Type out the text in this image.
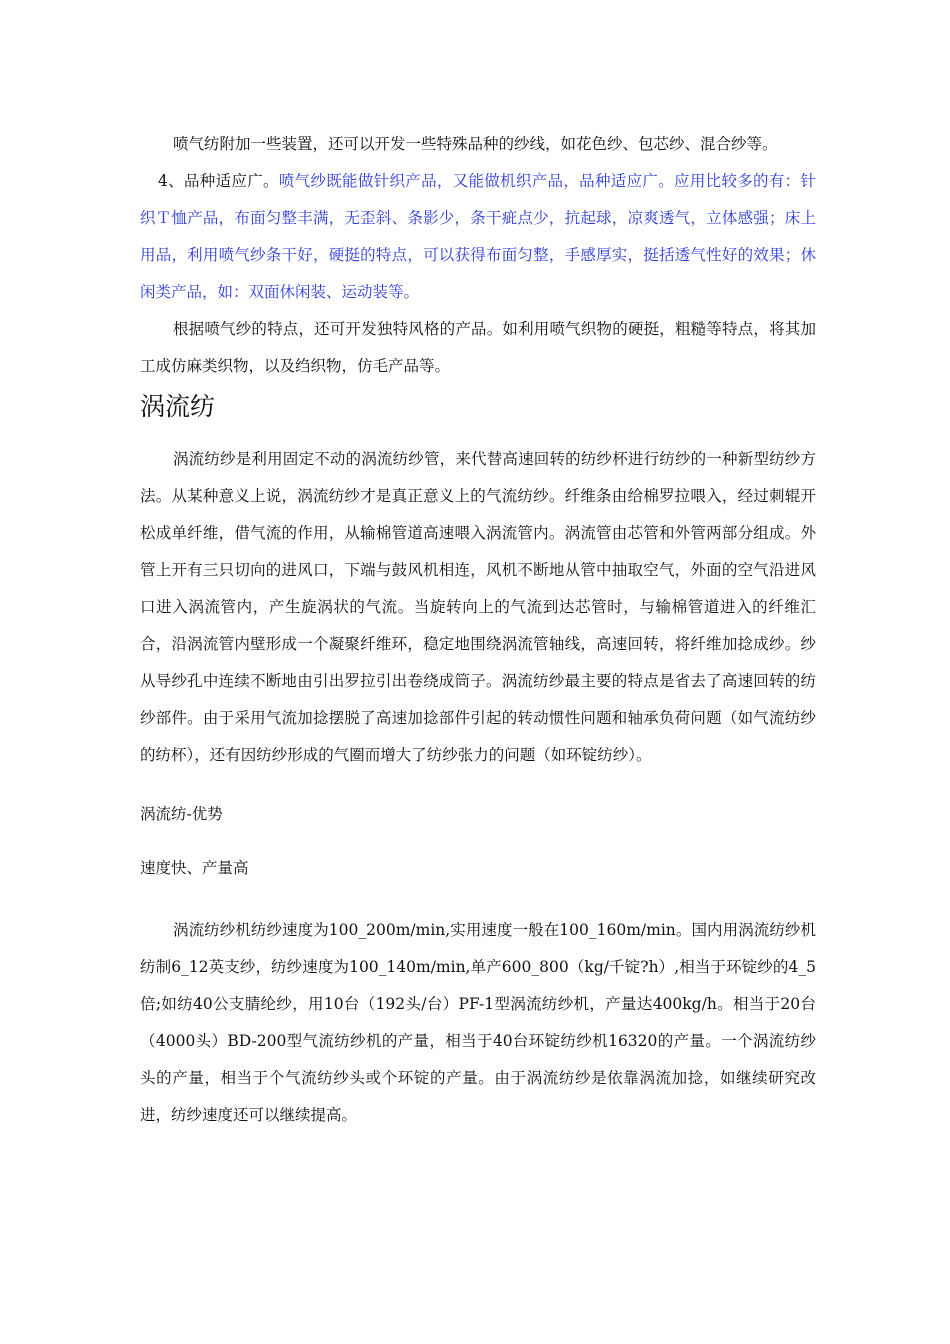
喷气纺附加一些装置，还可以开发一些特殊品种的纱线，如花色纱、包芯纱、混合纱等。

4、品种适应广。喷气纱既能做针织产品，又能做机织产品，品种适应广。应用比较多的有：针织Ｔ恤产品，布面匀整丰满，无歪斜、条影少，条干疵点少，抗起球，凉爽透气，立体感强；床上用品，利用喷气纱条干好，硬挺的特点，可以获得布面匀整，手感厚实，挺括透气性好的效果；休闲类产品，如：双面休闲装、运动装等。

根据喷气纱的特点，还可开发独特风格的产品。如利用喷气织物的硬挺，粗糙等特点，将其加工成仿麻类织物，以及绉织物，仿毛产品等。

涡流纺

涡流纺纱是利用固定不动的涡流纺纱管，来代替高速回转的纺纱杯进行纺纱的一种新型纺纱方法。从某种意义上说，涡流纺纱才是真正意义上的气流纺纱。纤维条由给棉罗拉喂入，经过刺辊开松成单纤维，借气流的作用，从输棉管道高速喂入涡流管内。涡流管由芯管和外管两部分组成。外管上开有三只切向的进风口，下端与鼓风机相连，风机不断地从管中抽取空气，外面的空气沿进风口进入涡流管内，产生旋涡状的气流。当旋转向上的气流到达芯管时，与输棉管道进入的纤维汇合，沿涡流管内壁形成一个凝聚纤维环，稳定地围绕涡流管轴线，高速回转，将纤维加捻成纱。纱从导纱孔中连续不断地由引出罗拉引出卷绕成筒子。涡流纺纱最主要的特点是省去了高速回转的纺纱部件。由于采用气流加捻摆脱了高速加捻部件引起的转动惯性问题和轴承负荷问题（如气流纺纱的纺杯），还有因纺纱形成的气圈而增大了纺纱张力的问题（如环锭纺纱）。

涡流纺-优势

速度快、产量高

涡流纺纱机纺纱速度为100_200m/min,实用速度一般在100_160m/min。国内用涡流纺纱机纺制6_12英支纱，纺纱速度为100_140m/min,单产600_800（kg/千锭?h）,相当于环锭纱的4_5倍;如纺40公支腈纶纱，用10台（192头/台）PF-1型涡流纺纱机，产量达400kg/h。相当于20台（4000头）BD-200型气流纺纱机的产量，相当于40台环锭纺纱机16320的产量。一个涡流纺纱头的产量，相当于个气流纺纱头或个环锭的产量。由于涡流纺纱是依靠涡流加捻，如继续研究改进，纺纱速度还可以继续提高。
